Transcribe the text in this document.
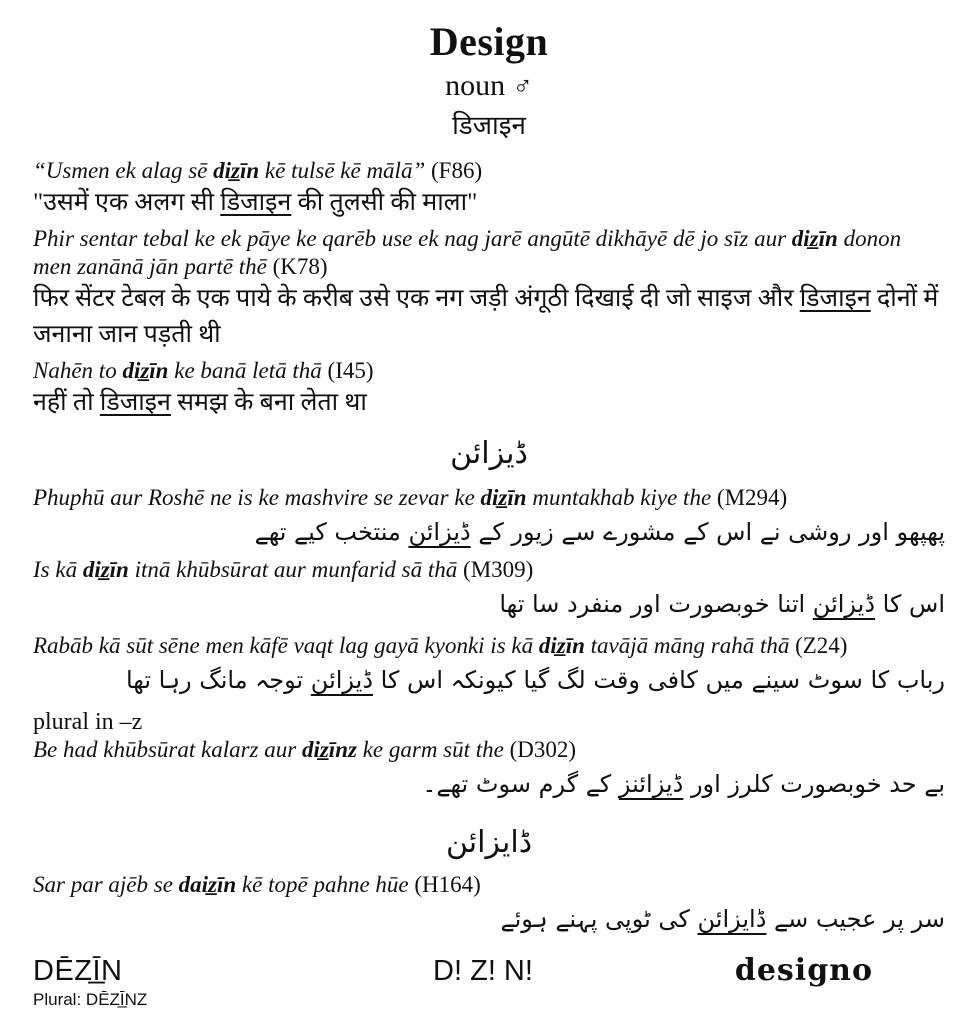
Design
noun ♂
डिजाइन
“Usmen ek alag sē diz̲īn kē tulsē kē mālā” (F86)
"उसमें एक अलग सी डिजाइन की तुलसी की माला"
Phir sentar tebal ke ek pāye ke qarēb use ek nag jarē angūtē dikhāyē dē jo sīz aur diz̲īn donon men zanānā jān partē thē (K78)
फिर सेंटर टेबल के एक पाये के करीब उसे एक नग जड़ी अंगूठी दिखाई दी जो साइज और डिजाइन दोनों में जनाना जान पड़ती थी
Nahēn to diz̲īn ke banā letā thā (I45)
नहीं तो डिजाइन समझ के बना लेता था
ڈیزائن
Phuphū aur Roshē ne is ke mashvire se zevar ke diz̲īn muntakhab kiye the (M294)
پھپھو اور روشی نے اس کے مشورے سے زیور کے ڈیزائن منتخب کیے تھے
Is kā diz̲īn itnā khūbsūrat aur munfarid sā thā (M309)
اس کا ڈیزائن اتنا خوبصورت اور منفرد سا تھا
Rabāb kā sūt sēne men kāfē vaqt lag gayā kyonki is kā diz̲īn tavājā māng rahā thā (Z24)
رباب کا سوٹ سینے میں کافی وقت لگ گیا کیونکہ اس کا ڈیزائن توجہ مانگ رہا تھا
plural in –z
Be had khūbsūrat kalarz aur diz̲īnz ke garm sūt the (D302)
بے حد خوبصورت کلرز اور ڈیزائنز کے گرم سوٹ تھے۔
ڈایزائن
Sar par ajēb se daiz̲īn kē topē pahne hūe (H164)
سر پر عجیب سے ڈایزائن کی ٹوپی پہنے ہوئے
DĒZĪ̲N	D! Z! N!	designo
Plural: DĒZĪ̲NZ
